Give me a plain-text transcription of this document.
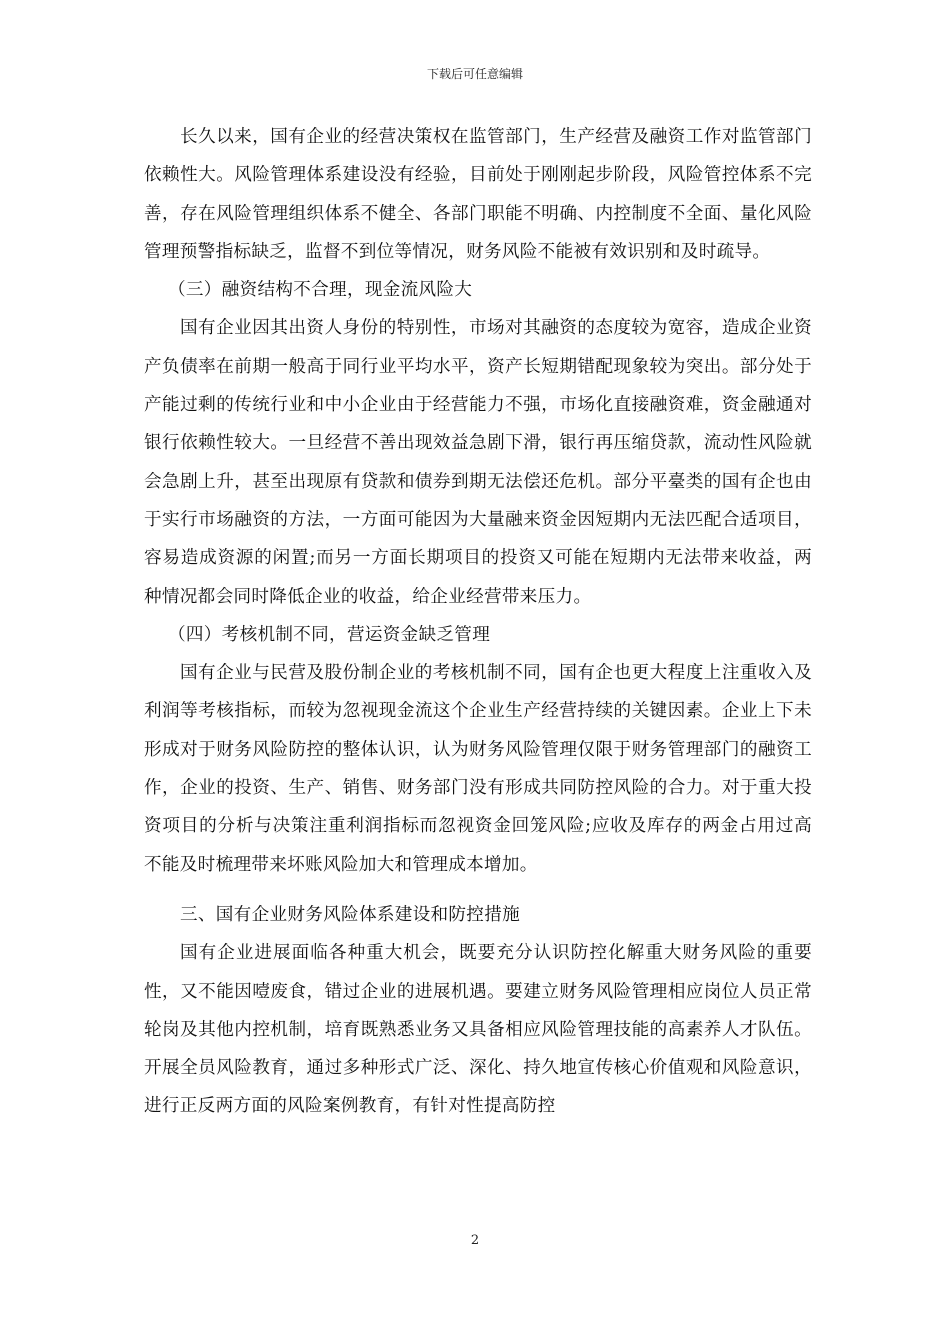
下载后可任意编辑

长久以来，国有企业的经营决策权在监管部门，生产经营及融资工作对监管部门依赖性大。风险管理体系建设没有经验，目前处于刚刚起步阶段，风险管控体系不完善，存在风险管理组织体系不健全、各部门职能不明确、内控制度不全面、量化风险管理预警指标缺乏，监督不到位等情况，财务风险不能被有效识别和及时疏导。

（三）融资结构不合理，现金流风险大

国有企业因其出资人身份的特别性，市场对其融资的态度较为宽容，造成企业资产负债率在前期一般高于同行业平均水平，资产长短期错配现象较为突出。部分处于产能过剩的传统行业和中小企业由于经营能力不强，市场化直接融资难，资金融通对银行依赖性较大。一旦经营不善出现效益急剧下滑，银行再压缩贷款，流动性风险就会急剧上升，甚至出现原有贷款和债券到期无法偿还危机。部分平臺类的国有企也由于实行市场融资的方法，一方面可能因为大量融来资金因短期内无法匹配合适项目，容易造成资源的闲置;而另一方面长期项目的投资又可能在短期内无法带来收益，两种情况都会同时降低企业的收益，给企业经营带来压力。

（四）考核机制不同，营运资金缺乏管理

国有企业与民营及股份制企业的考核机制不同，国有企也更大程度上注重收入及利润等考核指标，而较为忽视现金流这个企业生产经营持续的关键因素。企业上下未形成对于财务风险防控的整体认识，认为财务风险管理仅限于财务管理部门的融资工作，企业的投资、生产、销售、财务部门没有形成共同防控风险的合力。对于重大投资项目的分析与决策注重利润指标而忽视资金回笼风险;应收及库存的两金占用过高不能及时梳理带来坏账风险加大和管理成本增加。

三、国有企业财务风险体系建设和防控措施

国有企业进展面临各种重大机会，既要充分认识防控化解重大财务风险的重要性，又不能因噎废食，错过企业的进展机遇。要建立财务风险管理相应岗位人员正常轮岗及其他内控机制，培育既熟悉业务又具备相应风险管理技能的高素养人才队伍。开展全员风险教育，通过多种形式广泛、深化、持久地宣传核心价值观和风险意识，进行正反两方面的风险案例教育，有针对性提高防控

2
